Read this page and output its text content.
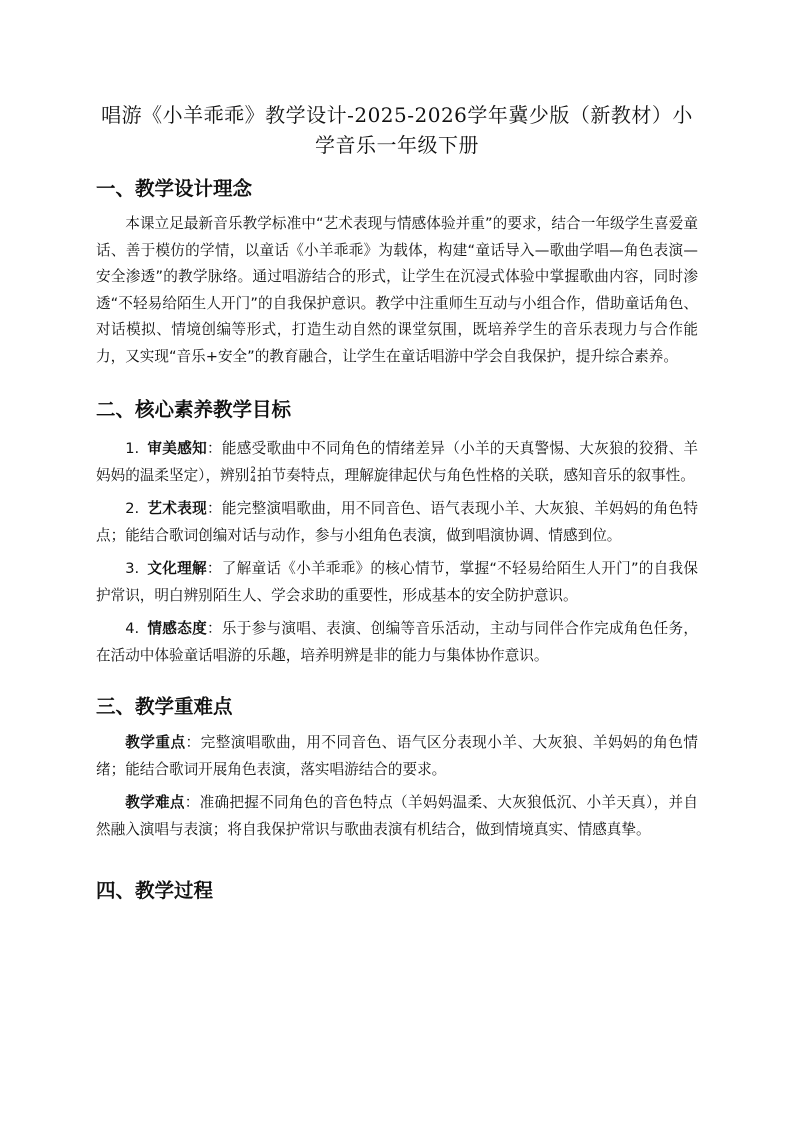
唱游《小羊乖乖》教学设计-2025-2026学年冀少版（新教材）小学音乐一年级下册
一、教学设计理念

本课立足最新音乐教学标准中“艺术表现与情感体验并重”的要求，结合一年级学生喜爱童话、善于模仿的学情，以童话《小羊乖乖》为载体，构建“童话导入—歌曲学唱—角色表演—安全渗透”的教学脉络。通过唱游结合的形式，让学生在沉浸式体验中掌握歌曲内容，同时渗透“不轻易给陌生人开门”的自我保护意识。教学中注重师生互动与小组合作，借助童话角色、对话模拟、情境创编等形式，打造生动自然的课堂氛围，既培养学生的音乐表现力与合作能力，又实现“音乐+安全”的教育融合，让学生在童话唱游中学会自我保护，提升综合素养。

二、核心素养教学目标

1. 审美感知：能感受歌曲中不同角色的情绪差异（小羊的天真警惕、大灰狼的狡猾、羊妈妈的温柔坚定），辨别 2
4 拍节奏特点，理解旋律起伏与角色性格的关联，感知音乐的叙事性。

2. 艺术表现：能完整演唱歌曲，用不同音色、语气表现小羊、大灰狼、羊妈妈的角色特点；能结合歌词创编对话与动作，参与小组角色表演，做到唱演协调、情感到位。

3. 文化理解：了解童话《小羊乖乖》的核心情节，掌握“不轻易给陌生人开门”的自我保护常识，明白辨别陌生人、学会求助的重要性，形成基本的安全防护意识。

4. 情感态度：乐于参与演唱、表演、创编等音乐活动，主动与同伴合作完成角色任务，在活动中体验童话唱游的乐趣，培养明辨是非的能力与集体协作意识。

三、教学重难点

教学重点：完整演唱歌曲，用不同音色、语气区分表现小羊、大灰狼、羊妈妈的角色情绪；能结合歌词开展角色表演，落实唱游结合的要求。

教学难点：准确把握不同角色的音色特点（羊妈妈温柔、大灰狼低沉、小羊天真），并自然融入演唱与表演；将自我保护常识与歌曲表演有机结合，做到情境真实、情感真挚。

四、教学过程
